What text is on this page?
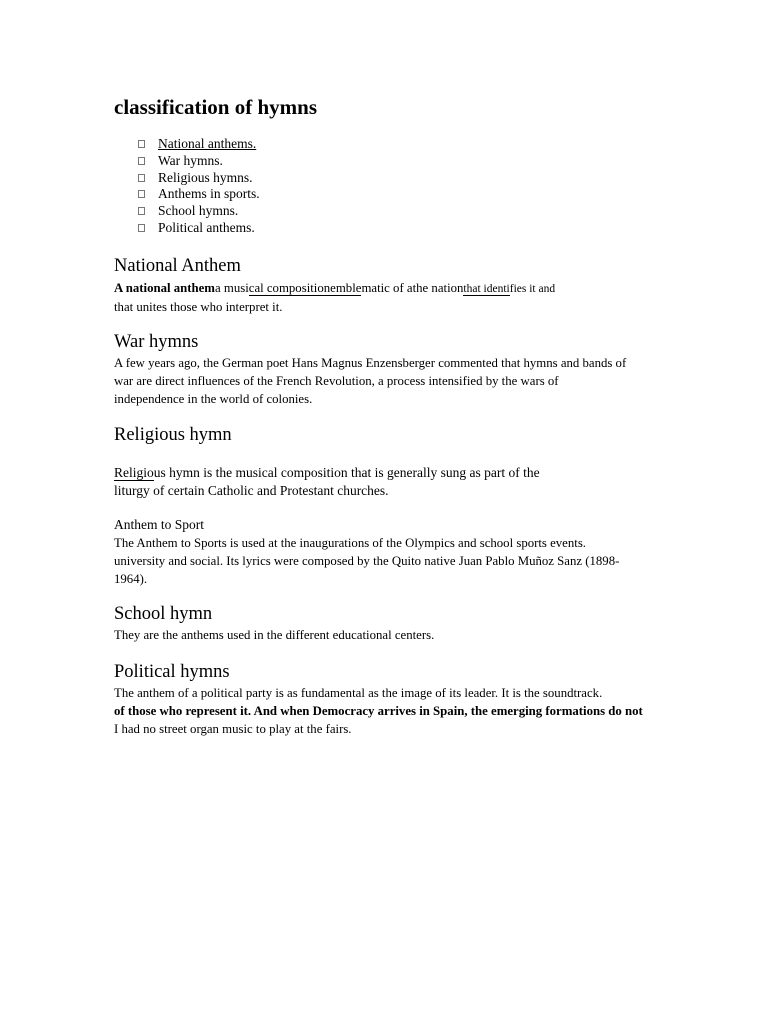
classification of hymns
National anthems.
War hymns.
Religious hymns.
Anthems in sports.
School hymns.
Political anthems.
National Anthem

A national anthema musical compositionemblematic of athe nationthat identifies it and
that unites those who interpret it.

War hymns

A few years ago, the German poet Hans Magnus Enzensberger commented that hymns and bands of
war are direct influences of the French Revolution, a process intensified by the wars of
independence in the world of colonies.

Religious hymn

Religious hymn is the musical composition that is generally sung as part of the
liturgy of certain Catholic and Protestant churches.

Anthem to Sport

The Anthem to Sports is used at the inaugurations of the Olympics and school sports events.
university and social. Its lyrics were composed by the Quito native Juan Pablo Muñoz Sanz (1898-
1964).

School hymn

They are the anthems used in the different educational centers.

Political hymns

The anthem of a political party is as fundamental as the image of its leader. It is the soundtrack.
of those who represent it. And when Democracy arrives in Spain, the emerging formations do not
I had no street organ music to play at the fairs.
